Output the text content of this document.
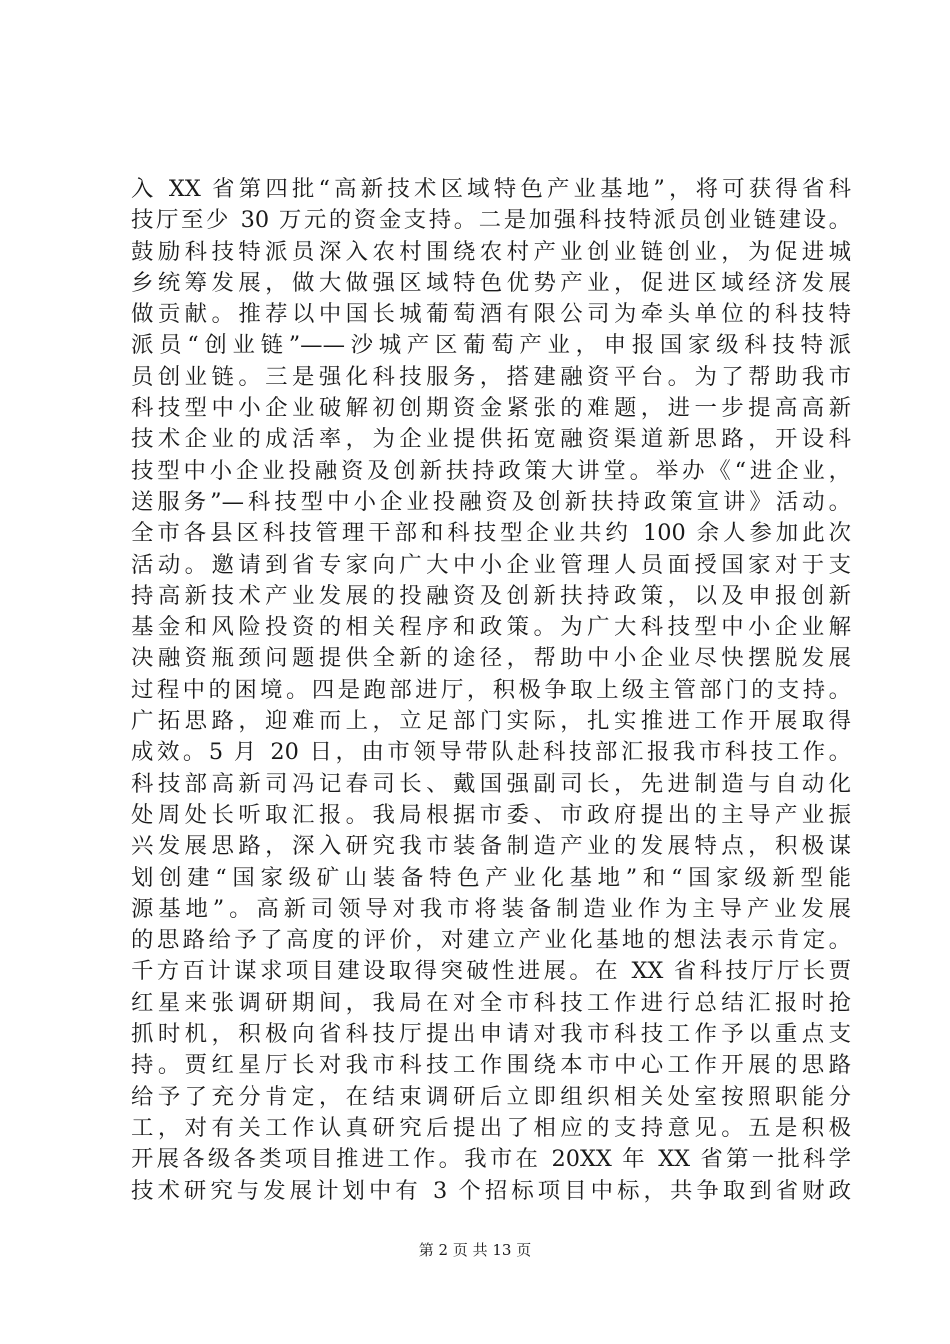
入 XX 省第四批“高新技术区域特色产业基地”，将可获得省科
技厅至少 30 万元的资金支持。二是加强科技特派员创业链建设。
鼓励科技特派员深入农村围绕农村产业创业链创业，为促进城
乡统筹发展，做大做强区域特色优势产业，促进区域经济发展
做贡献。推荐以中国长城葡萄酒有限公司为牵头单位的科技特
派员“创业链”——沙城产区葡萄产业，申报国家级科技特派
员创业链。三是强化科技服务，搭建融资平台。为了帮助我市
科技型中小企业破解初创期资金紧张的难题，进一步提高高新
技术企业的成活率，为企业提供拓宽融资渠道新思路，开设科
技型中小企业投融资及创新扶持政策大讲堂。举办《“进企业，
送服务”—科技型中小企业投融资及创新扶持政策宣讲》活动。
全市各县区科技管理干部和科技型企业共约 100 余人参加此次
活动。邀请到省专家向广大中小企业管理人员面授国家对于支
持高新技术产业发展的投融资及创新扶持政策，以及申报创新
基金和风险投资的相关程序和政策。为广大科技型中小企业解
决融资瓶颈问题提供全新的途径，帮助中小企业尽快摆脱发展
过程中的困境。四是跑部进厅，积极争取上级主管部门的支持。
广拓思路，迎难而上，立足部门实际，扎实推进工作开展取得
成效。5 月 20 日，由市领导带队赴科技部汇报我市科技工作。
科技部高新司冯记春司长、戴国强副司长，先进制造与自动化
处周处长听取汇报。我局根据市委、市政府提出的主导产业振
兴发展思路，深入研究我市装备制造产业的发展特点，积极谋
划创建“国家级矿山装备特色产业化基地”和“国家级新型能
源基地”。高新司领导对我市将装备制造业作为主导产业发展
的思路给予了高度的评价，对建立产业化基地的想法表示肯定。
千方百计谋求项目建设取得突破性进展。在 XX 省科技厅厅长贾
红星来张调研期间，我局在对全市科技工作进行总结汇报时抢
抓时机，积极向省科技厅提出申请对我市科技工作予以重点支
持。贾红星厅长对我市科技工作围绕本市中心工作开展的思路
给予了充分肯定，在结束调研后立即组织相关处室按照职能分
工，对有关工作认真研究后提出了相应的支持意见。五是积极
开展各级各类项目推进工作。我市在 20XX 年 XX 省第一批科学
技术研究与发展计划中有 3 个招标项目中标，共争取到省财政
第 2 页 共 13 页
